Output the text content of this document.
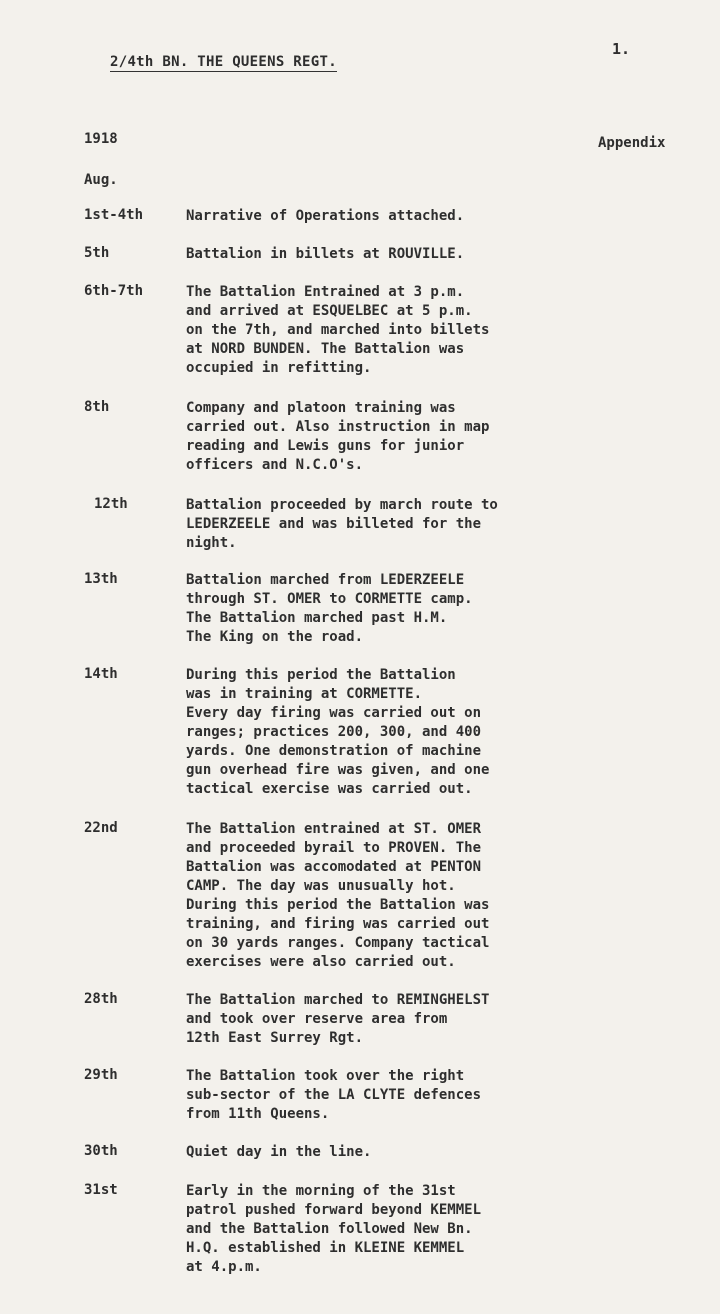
1.
2/4th BN. THE QUEENS REGT.
1918	Appendix
Aug.
1st-4th	Narrative of Operations attached.
5th	Battalion in billets at ROUVILLE.
6th-7th	The Battalion Entrained at 3 p.m.
and arrived at ESQUELBEC at 5 p.m.
on the 7th, and marched into billets
at NORD BUNDEN. The Battalion was
occupied in refitting.
8th	Company and platoon training was
carried out. Also instruction in map
reading and Lewis guns for junior
officers and N.C.O's.
12th	Battalion proceeded by march route to
LEDERZEELE and was billeted for the
night.
13th	Battalion marched from LEDERZEELE
through ST. OMER to CORMETTE camp.
The Battalion marched past H.M.
The King on the road.
14th	During this period the Battalion
was in training at CORMETTE.
Every day firing was carried out on
ranges; practices 200, 300, and 400
yards. One demonstration of machine
gun overhead fire was given, and one
tactical exercise was carried out.
22nd	The Battalion entrained at ST. OMER
and proceeded byrail to PROVEN. The
Battalion was accomodated at PENTON
CAMP. The day was unusually hot.
During this period the Battalion was
training, and firing was carried out
on 30 yards ranges. Company tactical
exercises were also carried out.
28th	The Battalion marched to REMINGHELST
and took over reserve area from
12th East Surrey Rgt.
29th	The Battalion took over the right
sub-sector of the LA CLYTE defences
from 11th Queens.
30th	Quiet day in the line.
31st	Early in the morning of the 31st
patrol pushed forward beyond KEMMEL
and the Battalion followed New Bn.
H.Q. established in KLEINE KEMMEL
at 4.p.m.
